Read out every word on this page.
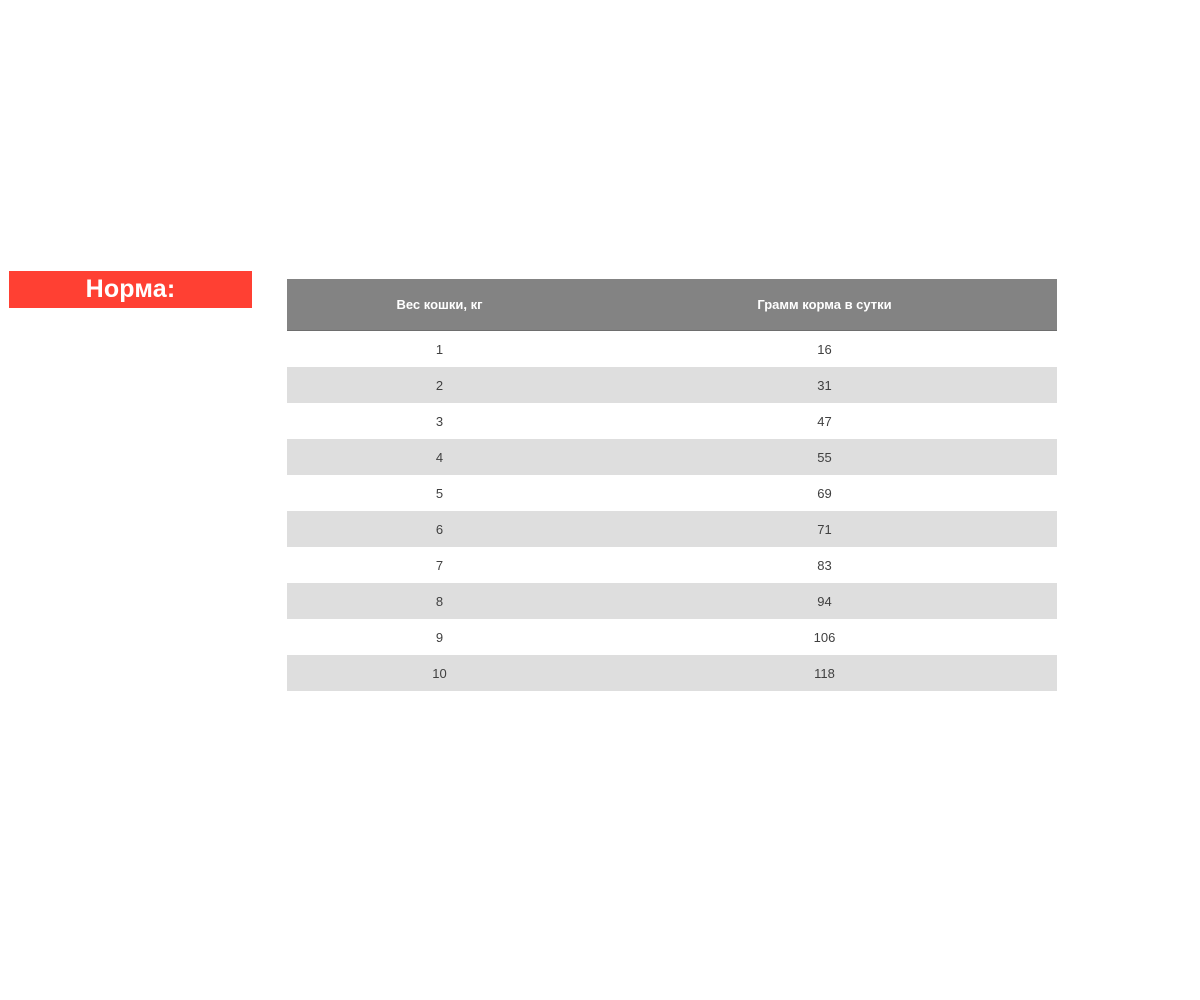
Норма:
Вес кошки, кг	Грамм корма в сутки
1	16
2	31
3	47
4	55
5	69
6	71
7	83
8	94
9	106
10	118
